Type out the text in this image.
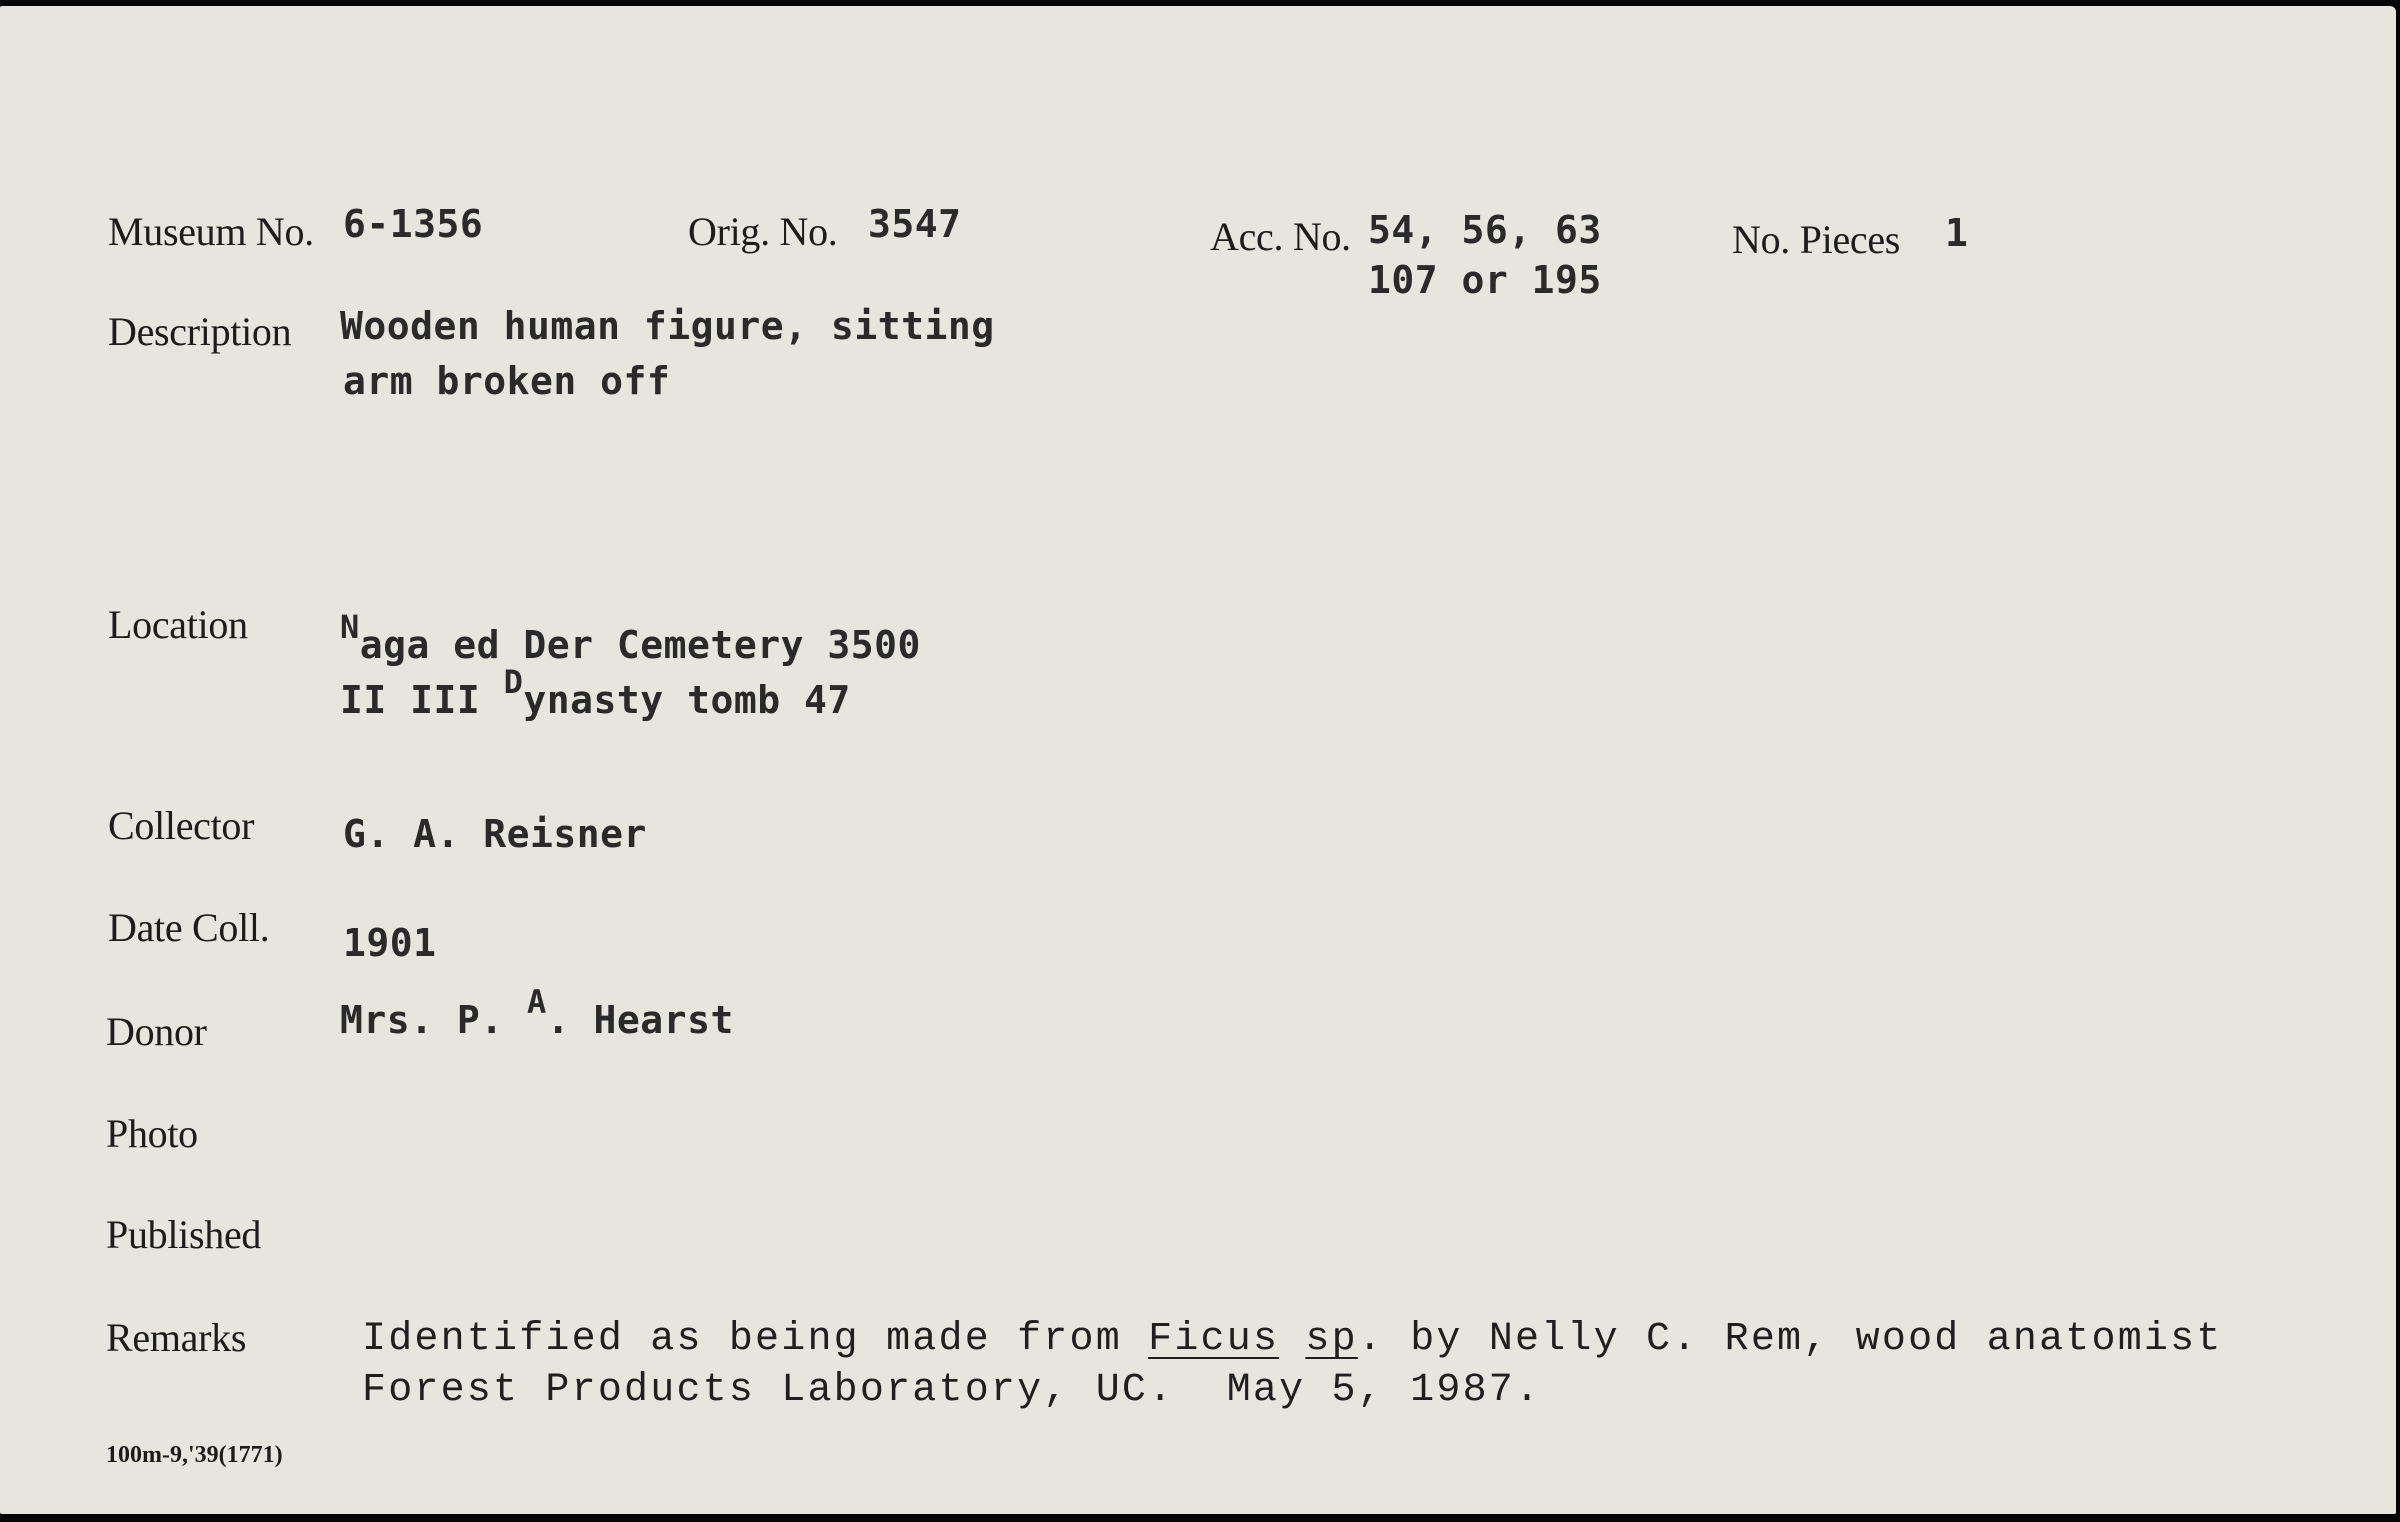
Museum No. 6-1356	Orig. No. 3547	Acc. No. 54, 56, 63
107 or 195
No. Pieces 1
Description Wooden human figure, sitting
arm broken off
Location	$^N$aga ed Der Cemetery 3500
II III $^D$ynasty tomb 47
Collector G. A. Reisner
Date Coll. 1901
Donor	Mrs. P. $^A$. Hearst
Photo
Published
Remarks	Identified as being made from Ficus sp. by Nelly C. Rem, wood anatomist
Forest Products Laboratory, UC.  May 5, 1987.
100m-9,'39(1771)
